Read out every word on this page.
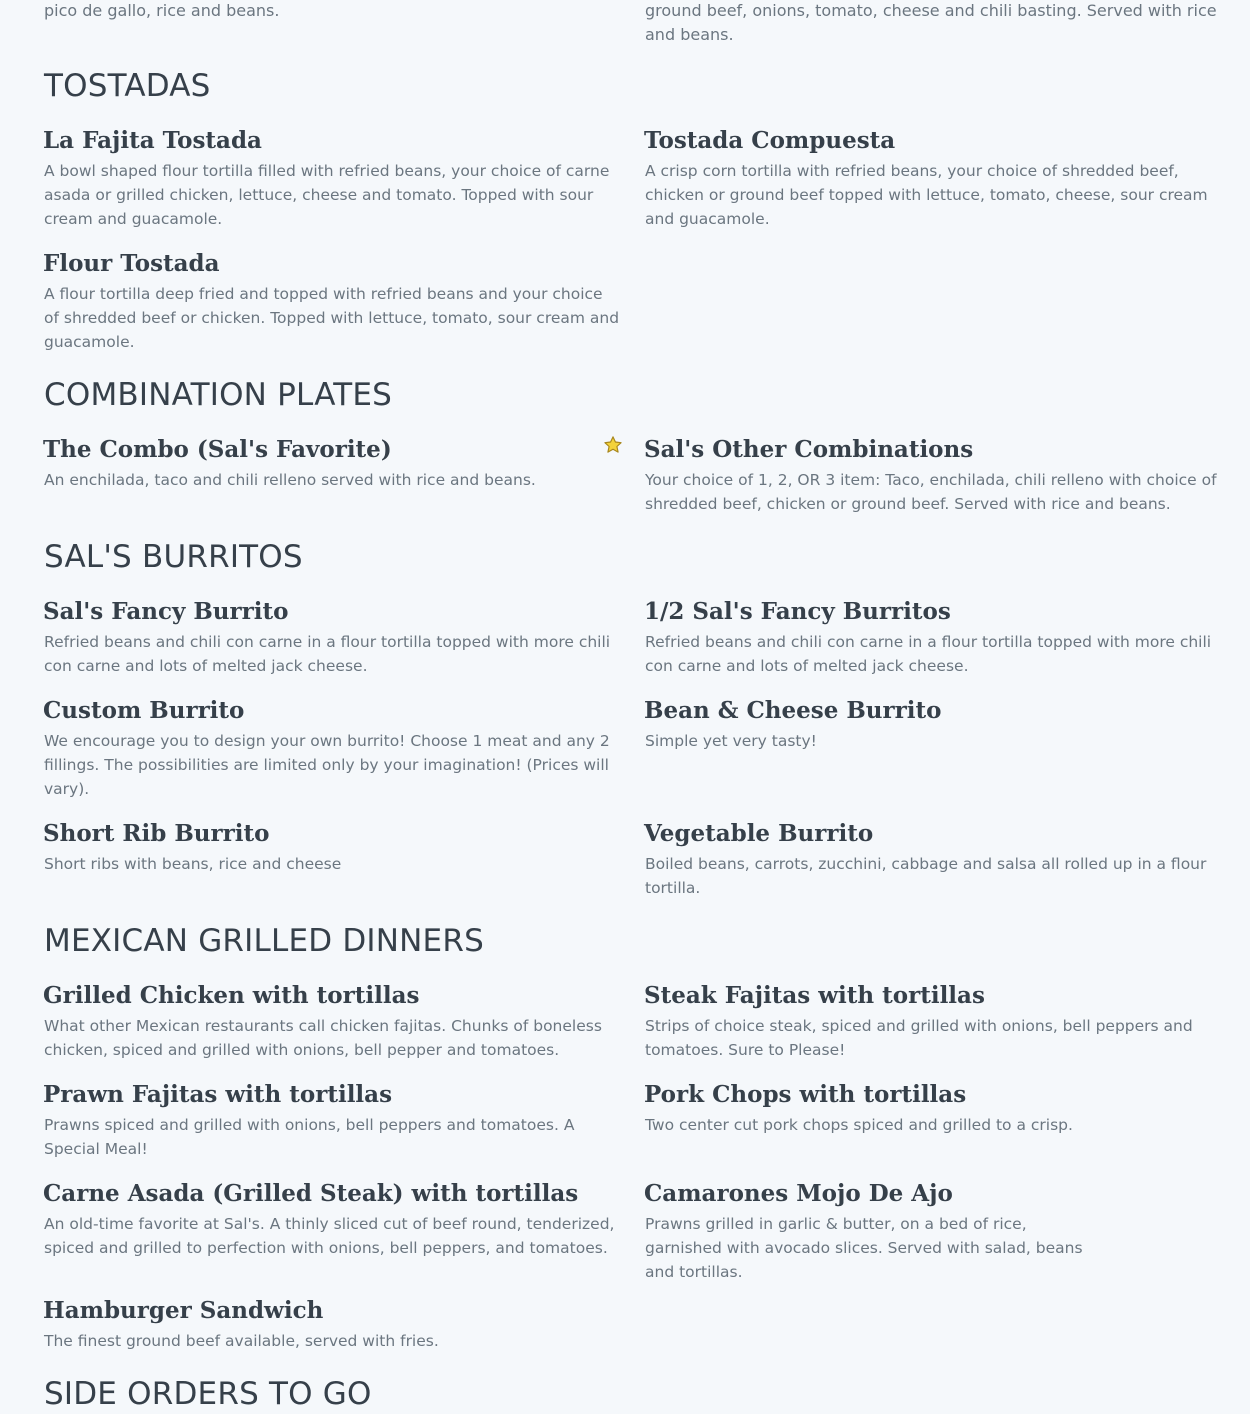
pico de gallo, rice and beans.	ground beef, onions, tomato, cheese and chili basting. Served with rice and beans.

TOSTADAS
La Fajita Tostada

A bowl shaped flour tortilla filled with refried beans, your choice of carne asada or grilled chicken, lettuce, cheese and tomato. Topped with sour cream and guacamole.

Tostada Compuesta

A crisp corn tortilla with refried beans, your choice of shredded beef, chicken or ground beef topped with lettuce, tomato, cheese, sour cream and guacamole.

Flour Tostada

A flour tortilla deep fried and topped with refried beans and your choice of shredded beef or chicken. Topped with lettuce, tomato, sour cream and guacamole.

COMBINATION PLATES
The Combo (Sal's Favorite)

An enchilada, taco and chili relleno served with rice and beans.

Sal's Other Combinations

Your choice of 1, 2, OR 3 item: Taco, enchilada, chili relleno with choice of shredded beef, chicken or ground beef. Served with rice and beans.

SAL'S BURRITOS
Sal's Fancy Burrito

Refried beans and chili con carne in a flour tortilla topped with more chili con carne and lots of melted jack cheese.

1/2 Sal's Fancy Burritos

Refried beans and chili con carne in a flour tortilla topped with more chili con carne and lots of melted jack cheese.

Custom Burrito

We encourage you to design your own burrito! Choose 1 meat and any 2 fillings. The possibilities are limited only by your imagination! (Prices will vary).

Bean & Cheese Burrito

Simple yet very tasty!

Short Rib Burrito

Short ribs with beans, rice and cheese

Vegetable Burrito

Boiled beans, carrots, zucchini, cabbage and salsa all rolled up in a flour tortilla.

MEXICAN GRILLED DINNERS
Grilled Chicken with tortillas

What other Mexican restaurants call chicken fajitas. Chunks of boneless chicken, spiced and grilled with onions, bell pepper and tomatoes.

Steak Fajitas with tortillas

Strips of choice steak, spiced and grilled with onions, bell peppers and tomatoes. Sure to Please!

Prawn Fajitas with tortillas

Prawns spiced and grilled with onions, bell peppers and tomatoes. A Special Meal!

Pork Chops with tortillas

Two center cut pork chops spiced and grilled to a crisp.

Carne Asada (Grilled Steak) with tortillas

An old-time favorite at Sal's. A thinly sliced cut of beef round, tenderized, spiced and grilled to perfection with onions, bell peppers, and tomatoes.

Camarones Mojo De Ajo

Prawns grilled in garlic & butter, on a bed of rice, garnished with avocado slices. Served with salad, beans and tortillas.

Hamburger Sandwich

The finest ground beef available, served with fries.

SIDE ORDERS TO GO
